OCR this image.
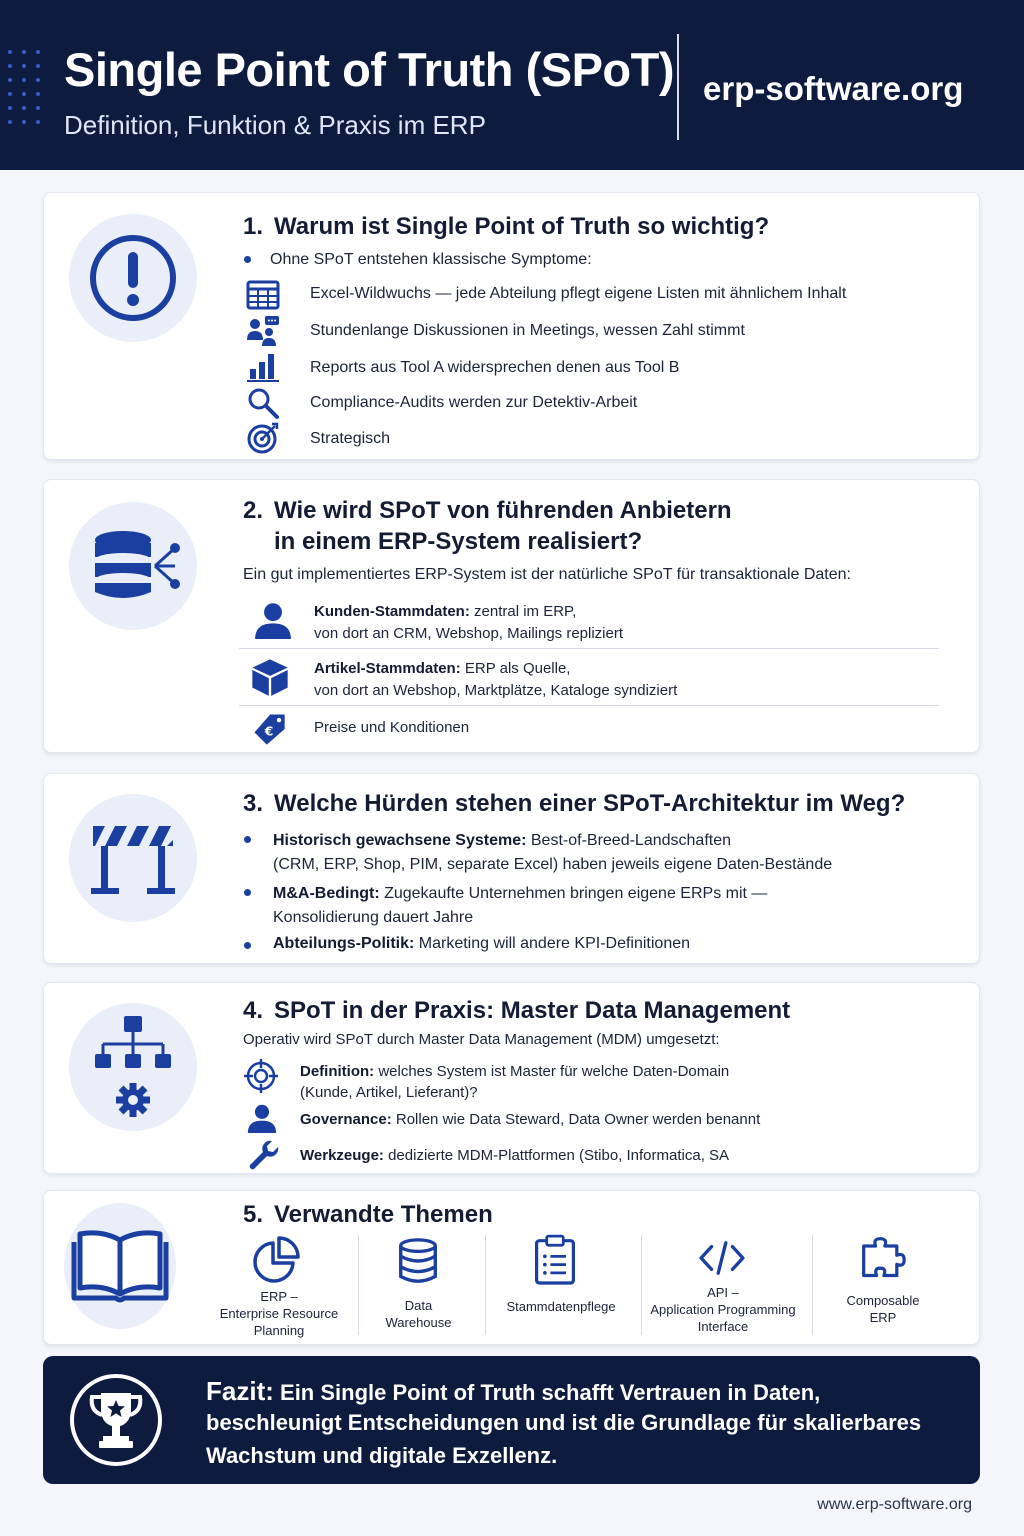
Single Point of Truth (SPoT)
Definition, Funktion & Praxis im ERP
erp-software.org
1. Warum ist Single Point of Truth so wichtig?
Ohne SPoT entstehen klassische Symptome:
Excel-Wildwuchs — jede Abteilung pflegt eigene Listen mit ähnlichem Inhalt
Stundenlange Diskussionen in Meetings, wessen Zahl stimmt
Reports aus Tool A widersprechen denen aus Tool B
Compliance-Audits werden zur Detektiv-Arbeit
Strategisch
2. Wie wird SPoT von führenden Anbietern
in einem ERP-System realisiert?
Ein gut implementiertes ERP-System ist der natürliche SPoT für transaktionale Daten:
Kunden-Stammdaten: zentral im ERP,
von dort an CRM, Webshop, Mailings repliziert
Artikel-Stammdaten: ERP als Quelle,
von dort an Webshop, Marktplätze, Kataloge syndiziert
€	Preise und Konditionen
3. Welche Hürden stehen einer SPoT-Architektur im Weg?
Historisch gewachsene Systeme: Best-of-Breed-Landschaften
(CRM, ERP, Shop, PIM, separate Excel) haben jeweils eigene Daten-Bestände
M&A-Bedingt: Zugekaufte Unternehmen bringen eigene ERPs mit —
Konsolidierung dauert Jahre
Abteilungs-Politik: Marketing will andere KPI-Definitionen
4. SPoT in der Praxis: Master Data Management
Operativ wird SPoT durch Master Data Management (MDM) umgesetzt:
Definition: welches System ist Master für welche Daten-Domain
(Kunde, Artikel, Lieferant)?
Governance: Rollen wie Data Steward, Data Owner werden benannt
Werkzeuge: dedizierte MDM-Plattformen (Stibo, Informatica, SA
5. Verwandte Themen
ERP –
Enterprise Resource
Planning
Data
Warehouse
Stammdatenpflege
API –
Application Programming
Interface
Composable
ERP
Fazit: Ein Single Point of Truth schafft Vertrauen in Daten,
beschleunigt Entscheidungen und ist die Grundlage für skalierbares
Wachstum und digitale Exzellenz.
www.erp-software.org
